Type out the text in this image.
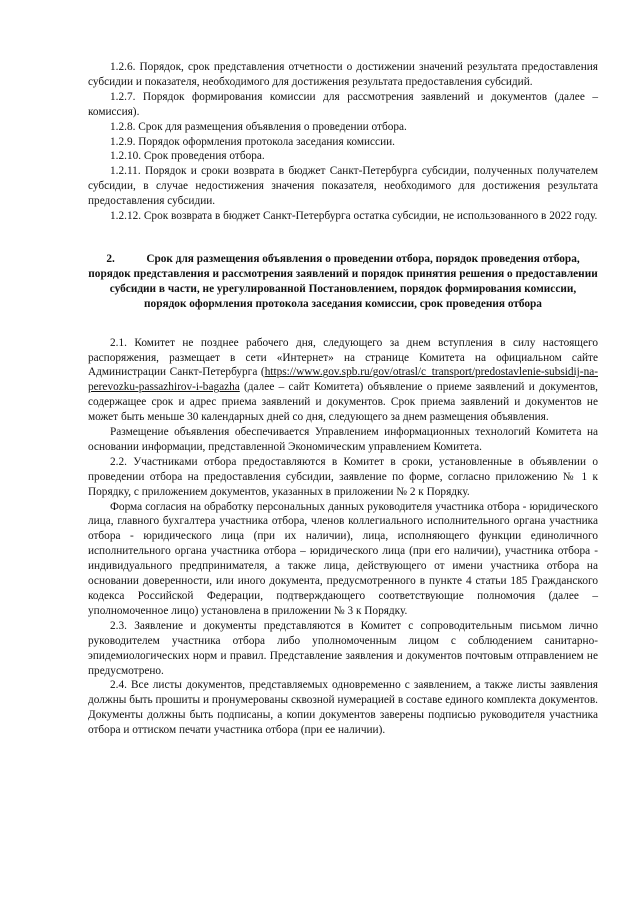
1.2.6. Порядок, срок представления отчетности о достижении значений результата предоставления субсидии и показателя, необходимого для достижения результата предоставления субсидий.

1.2.7. Порядок формирования комиссии для рассмотрения заявлений и документов (далее – комиссия).

1.2.8. Срок для размещения объявления о проведении отбора.

1.2.9. Порядок оформления протокола заседания комиссии.

1.2.10. Срок проведения отбора.

1.2.11. Порядок и сроки возврата в бюджет Санкт-Петербурга субсидии, полученных получателем субсидии, в случае недостижения значения показателя, необходимого для достижения результата предоставления субсидии.

1.2.12. Срок возврата в бюджет Санкт-Петербурга остатка субсидии, не использованного в 2022 году.

2.	Срок для размещения объявления о проведении отбора, порядок проведения отбора, порядок представления и рассмотрения заявлений и порядок принятия решения о предоставлении субсидии в части, не урегулированной Постановлением, порядок формирования комиссии, порядок оформления протокола заседания комиссии, срок проведения отбора

2.1. Комитет не позднее рабочего дня, следующего за днем вступления в силу настоящего распоряжения, размещает в сети «Интернет» на странице Комитета на официальном сайте Администрации Санкт-Петербурга (https://www.gov.spb.ru/gov/otrasl/c_transport/predostavlenie-subsidij-na-perevozku-passazhirov-i-bagazha (далее – сайт Комитета) объявление о приеме заявлений и документов, содержащее срок и адрес приема заявлений и документов. Срок приема заявлений и документов не может быть меньше 30 календарных дней со дня, следующего за днем размещения объявления.

Размещение объявления обеспечивается Управлением информационных технологий Комитета на основании информации, представленной Экономическим управлением Комитета.

2.2. Участниками отбора предоставляются в Комитет в сроки, установленные в объявлении о проведении отбора на предоставления субсидии, заявление по форме, согласно приложению № 1 к Порядку, с приложением документов, указанных в приложении № 2 к Порядку.

Форма согласия на обработку персональных данных руководителя участника отбора - юридического лица, главного бухгалтера участника отбора, членов коллегиального исполнительного органа участника отбора - юридического лица (при их наличии), лица, исполняющего функции единоличного исполнительного органа участника отбора – юридического лица (при его наличии), участника отбора - индивидуального предпринимателя, а также лица, действующего от имени участника отбора на основании доверенности, или иного документа, предусмотренного в пункте 4 статьи 185 Гражданского кодекса Российской Федерации, подтверждающего соответствующие полномочия (далее – уполномоченное лицо) установлена в приложении № 3 к Порядку.

2.3. Заявление и документы представляются в Комитет с сопроводительным письмом лично руководителем участника отбора либо уполномоченным лицом с соблюдением санитарно-эпидемиологических норм и правил. Представление заявления и документов почтовым отправлением не предусмотрено.

2.4. Все листы документов, представляемых одновременно с заявлением, а также листы заявления должны быть прошиты и пронумерованы сквозной нумерацией в составе единого комплекта документов. Документы должны быть подписаны, а копии документов заверены подписью руководителя участника отбора и оттиском печати участника отбора (при ее наличии).
